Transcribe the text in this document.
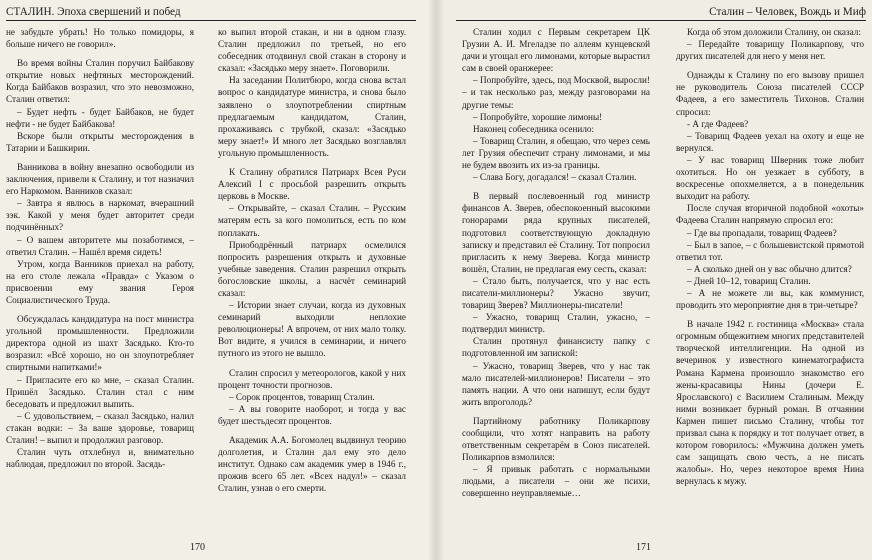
СТАЛИН. Эпоха свершений и побед

не забудьте убрать! Но только помидоры, я больше ничего не говорил».

Во время войны Сталин поручил Байбакову открытие новых нефтяных месторождений. Когда Байбаков возразил, что это невозможно, Сталин ответил:

– Будет нефть - будет Байбаков, не будет нефти - не будет Байбакова!

Вскоре были открыты месторождения в Татарии и Башкирии.

Ванникова в войну внезапно освободили из заключения, привели к Сталину, и тот назначил его Наркомом. Ванников сказал:

– Завтра я явлюсь в наркомат, вчерашний зэк. Какой у меня будет авторитет среди подчинённых?

– О вашем авторитете мы позаботимся, – ответил Сталин. – Нашёл время сидеть!

Утром, когда Ванников приехал на работу, на его столе лежала «Правда» с Указом о присвоении ему звания Героя Социалистического Труда.

Обсуждалась кандидатура на пост министра угольной промышленности. Предложили директора одной из шахт Засядько. Кто-то возразил: «Всё хорошо, но он злоупотребляет спиртными напитками!»

– Пригласите его ко мне, – сказал Сталин. Пришёл Засядько. Сталин стал с ним беседовать и предложил выпить.

– С удовольствием, – сказал Засядько, налил стакан водки: – За ваше здоровье, товарищ Сталин! – выпил и продолжил разговор.

Сталин чуть отхлебнул и, внимательно наблюдая, предложил по второй. Засядь-

ко выпил второй стакан, и ни в одном глазу. Сталин предложил по третьей, но его собеседник отодвинул свой стакан в сторону и сказал: «Засядько меру знает». Поговорили.

На заседании Политбюро, когда снова встал вопрос о кандидатуре министра, и снова было заявлено о злоупотреблении спиртным предлагаемым кандидатом, Сталин, прохаживаясь с трубкой, сказал: «Засядько меру знает!» И много лет Засядько возглавлял угольную промышленность.

К Сталину обратился Патриарх Всея Руси Алексий I с просьбой разрешить открыть церковь в Москве.

– Открывайте, – сказал Сталин. – Русским матерям есть за кого помолиться, есть по ком поплакать.

Приободрённый патриарх осмелился попросить разрешения открыть и духовные учебные заведения. Сталин разрешил открыть богословские школы, а насчёт семинарий сказал:

– Истории знает случаи, когда из духовных семинарий выходили неплохие революционеры! А впрочем, от них мало толку. Вот видите, я учился в семинарии, и ничего путного из этого не вышло.

Сталин спросил у метеорологов, какой у них процент точности прогнозов.

– Сорок процентов, товарищ Сталин.

– А вы говорите наоборот, и тогда у вас будет шестьдесят процентов.

Академик А.А. Богомолец выдвинул теорию долголетия, и Сталин дал ему это дело институт. Однако сам академик умер в 1946 г., прожив всего 65 лет. «Всех надул!» – сказал Сталин, узнав о его смерти.

170
Сталин – Человек, Вождь и Миф

Сталин ходил с Первым секретарем ЦК Грузии А. И. Мгеладзе по аллеям кунцевской дачи и угощал его лимонами, которые вырастил сам в своей оранжерее:

– Попробуйте, здесь, под Москвой, выросли! – и так несколько раз, между разговорами на другие темы:

– Попробуйте, хорошие лимоны!

Наконец собеседника осенило:

– Товарищ Сталин, я обещаю, что через семь лет Грузия обеспечит страну лимонами, и мы не будем ввозить их из-за границы.

– Слава Богу, догадался! – сказал Сталин.

В первый послевоенный год министр финансов А. Зверев, обеспокоенный высокими гонорарами ряда крупных писателей, подготовил соответствующую докладную записку и представил её Сталину. Тот попросил пригласить к нему Зверева. Когда министр вошёл, Сталин, не предлагая ему сесть, сказал:

– Стало быть, получается, что у нас есть писатели-миллионеры? Ужасно звучит, товарищ Зверев? Миллионеры-писатели!

– Ужасно, товарищ Сталин, ужасно, – подтвердил министр.

Сталин протянул финансисту папку с подготовленной им запиской:

– Ужасно, товарищ Зверев, что у нас так мало писателей-миллионеров! Писатели – это память нации. А что они напишут, если будут жить впроголодь?

Партийному работнику Поликарпову сообщили, что хотят направить на работу ответственным секретарём в Союз писателей. Поликарпов взмолился:

– Я привык работать с нормальными людьми, а писатели – они же психи, совершенно неуправляемые…

Когда об этом доложили Сталину, он сказал:

– Передайте товарищу Поликарпову, что других писателей для него у меня нет.

Однажды к Сталину по его вызову пришел не руководитель Союза писателей СССР Фадеев, а его заместитель Тихонов. Сталин спросил:

- А где Фадеев?

– Товарищ Фадеев уехал на охоту и еще не вернулся.

– У нас товарищ Шверник тоже любит охотиться. Но он уезжает в субботу, в воскресенье опохмеляется, а в понедельник выходит на работу.

После случая вторичной подобной «охоты» Фадеева Сталин напрямую спросил его:

– Где вы пропадали, товарищ Фадеев?

– Был в запое, – с большевистской прямотой ответил тот.

– А сколько дней он у вас обычно длится?

– Дней 10–12, товарищ Сталин.

– А не можете ли вы, как коммунист, проводить это мероприятие дня в три-четыре?

В начале 1942 г. гостиница «Москва» стала огромным общежитием многих представителей творческой интеллигенции. На одной из вечеринок у известного кинематографиста Романа Кармена произошло знакомство его жены-красавицы Нины (дочери Е. Ярославского) с Василием Сталиным. Между ними возникает бурный роман. В отчаянии Кармен пишет письмо Сталину, чтобы тот призвал сына к порядку и тот получает ответ, в котором говорилось: «Мужчина должен уметь сам защищать свою честь, а не писать жалобы». Но, через некоторое время Нина вернулась к мужу.

171
